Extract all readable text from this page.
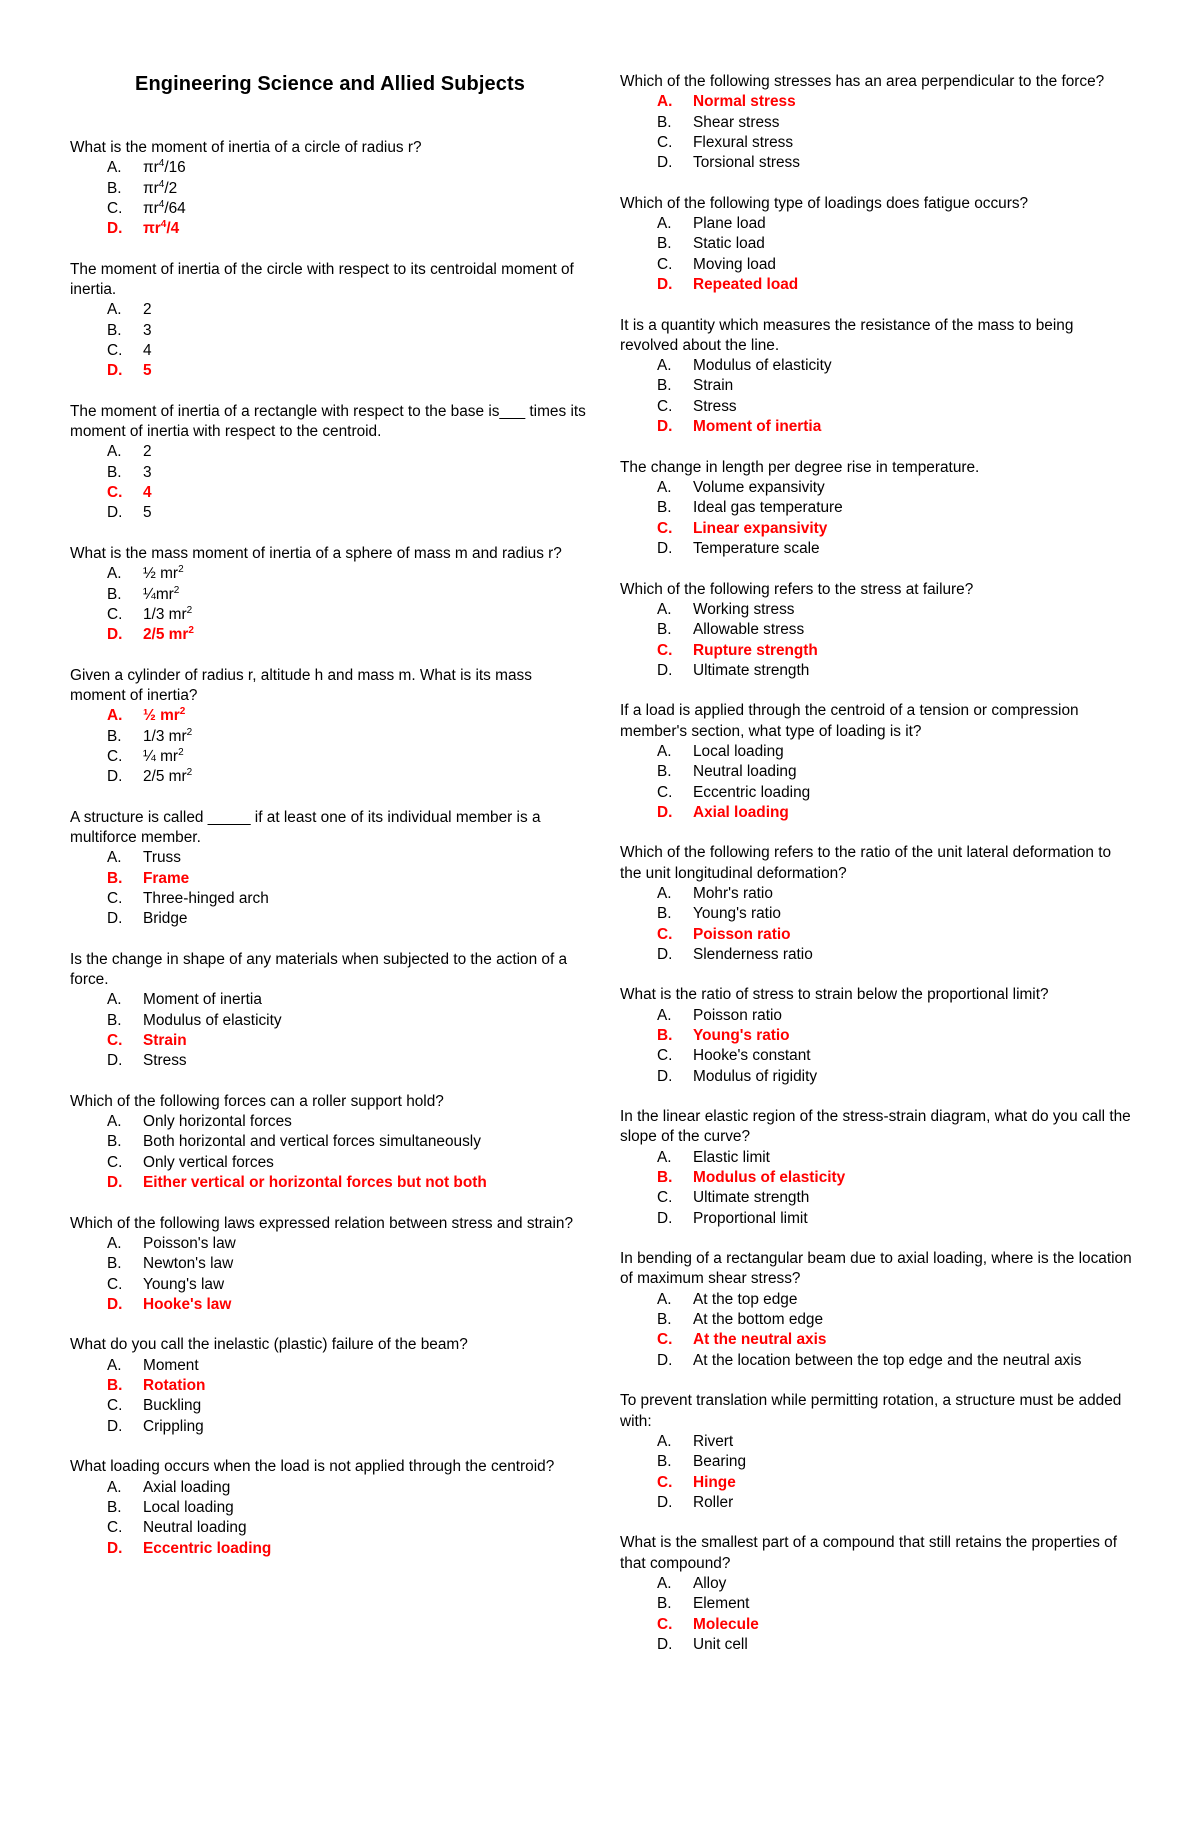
Engineering Science and Allied Subjects

What is the moment of inertia of a circle of radius r?

A.	$\pi r^4/16$
B.	$\pi r^4/2$
C.	$\pi r^4/64$
D.	$\pi r^4/4$

The moment of inertia of the circle with respect to its centroidal moment of inertia.

A.	2
B.	3
C.	4
D.	5

The moment of inertia of a rectangle with respect to the base is___ times its moment of inertia with respect to the centroid.

A.	2
B.	3
C.	4
D.	5

What is the mass moment of inertia of a sphere of mass m and radius r?

A.	½ $mr^2$
B.	$\frac{1}{4}mr^2$
C.	1/3 $mr^2$
D.	2/5 $mr^2$

Given a cylinder of radius r, altitude h and mass m. What is its mass moment of inertia?

A.	½ $mr^2$
B.	1/3 $mr^2$
C.	¼ $mr^2$
D.	2/5 $mr^2$

A structure is called _____ if at least one of its individual member is a multiforce member.

A.	Truss
B.	Frame
C.	Three-hinged arch
D.	Bridge

Is the change in shape of any materials when subjected to the action of a force.

A.	Moment of inertia
B.	Modulus of elasticity
C.	Strain
D.	Stress

Which of the following forces can a roller support hold?

A.	Only horizontal forces
B.	Both horizontal and vertical forces simultaneously
C.	Only vertical forces
D.	Either vertical or horizontal forces but not both

Which of the following laws expressed relation between stress and strain?

A.	Poisson's law
B.	Newton's law
C.	Young's law
D.	Hooke's law

What do you call the inelastic (plastic) failure of the beam?

A.	Moment
B.	Rotation
C.	Buckling
D.	Crippling

What loading occurs when the load is not applied through the centroid?

A.	Axial loading
B.	Local loading
C.	Neutral loading
D.	Eccentric loading

Which of the following stresses has an area perpendicular to the force?

A.	Normal stress
B.	Shear stress
C.	Flexural stress
D.	Torsional stress

Which of the following type of loadings does fatigue occurs?

A.	Plane load
B.	Static load
C.	Moving load
D.	Repeated load

It is a quantity which measures the resistance of the mass to being revolved about the line.

A.	Modulus of elasticity
B.	Strain
C.	Stress
D.	Moment of inertia

The change in length per degree rise in temperature.

A.	Volume expansivity
B.	Ideal gas temperature
C.	Linear expansivity
D.	Temperature scale

Which of the following refers to the stress at failure?

A.	Working stress
B.	Allowable stress
C.	Rupture strength
D.	Ultimate strength

If a load is applied through the centroid of a tension or compression member's section, what type of loading is it?

A.	Local loading
B.	Neutral loading
C.	Eccentric loading
D.	Axial loading

Which of the following refers to the ratio of the unit lateral deformation to the unit longitudinal deformation?

A.	Mohr's ratio
B.	Young's ratio
C.	Poisson ratio
D.	Slenderness ratio

What is the ratio of stress to strain below the proportional limit?

A.	Poisson ratio
B.	Young's ratio
C.	Hooke's constant
D.	Modulus of rigidity

In the linear elastic region of the stress-strain diagram, what do you call the slope of the curve?

A.	Elastic limit
B.	Modulus of elasticity
C.	Ultimate strength
D.	Proportional limit

In bending of a rectangular beam due to axial loading, where is the location of maximum shear stress?

A.	At the top edge
B.	At the bottom edge
C.	At the neutral axis
D.	At the location between the top edge and the neutral axis

To prevent translation while permitting rotation, a structure must be added with:

A.	Rivert
B.	Bearing
C.	Hinge
D.	Roller

What is the smallest part of a compound that still retains the properties of that compound?

A.	Alloy
B.	Element
C.	Molecule
D.	Unit cell
